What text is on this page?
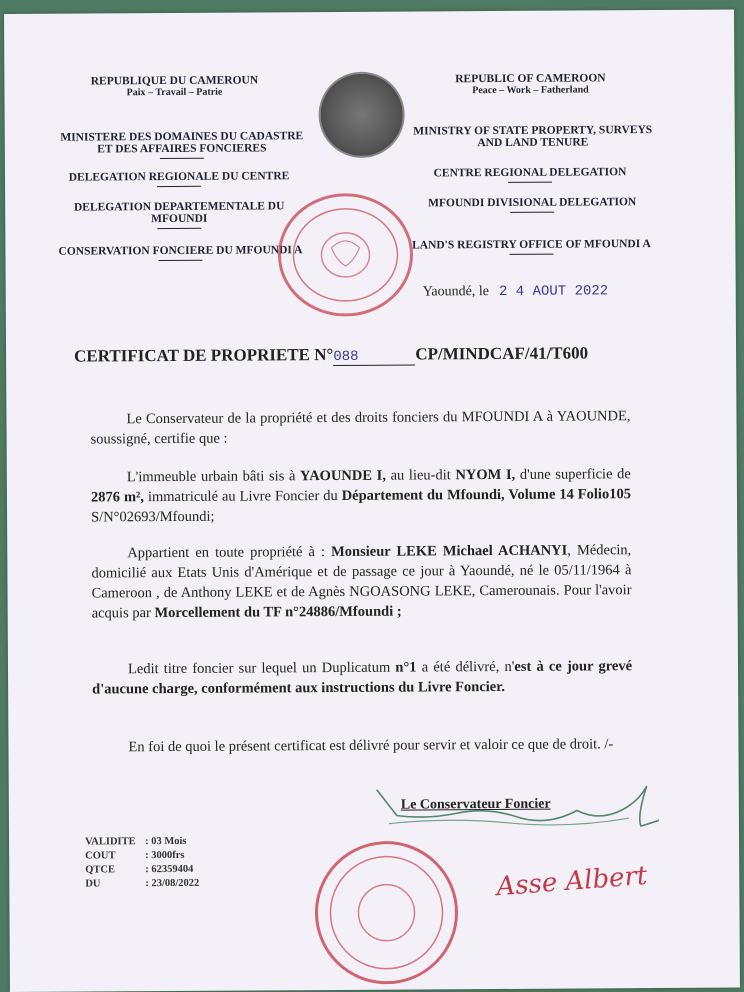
REPUBLIQUE DU CAMEROUN
Paix – Travail – Patrie
MINISTERE DES DOMAINES DU CADASTRE
ET DES AFFAIRES FONCIERES
DELEGATION REGIONALE DU CENTRE
DELEGATION DEPARTEMENTALE DU
MFOUNDI
CONSERVATION FONCIERE DU MFOUNDI A
REPUBLIC OF CAMEROON
Peace – Work – Fatherland
MINISTRY OF STATE PROPERTY, SURVEYS
AND LAND TENURE
CENTRE REGIONAL DELEGATION
MFOUNDI DIVISIONAL DELEGATION
LAND'S REGISTRY OFFICE OF MFOUNDI A
Yaoundé, le 2 4 AOUT 2022
CERTIFICAT DE PROPRIETE N°088	CP/MINDCAF/41/T600
Le Conservateur de la propriété et des droits fonciers du MFOUNDI A à YAOUNDE, soussigné, certifie que :
L'immeuble urbain bâti sis à YAOUNDE I, au lieu-dit NYOM I, d'une superficie de 2876 m², immatriculé au Livre Foncier du Département du Mfoundi, Volume 14 Folio105 S/N°02693/Mfoundi;
Appartient en toute propriété à : Monsieur LEKE Michael ACHANYI, Médecin, domicilié aux Etats Unis d'Amérique et de passage ce jour à Yaoundé, né le 05/11/1964 à Cameroon , de Anthony LEKE et de Agnès NGOASONG LEKE, Camerounais. Pour l'avoir acquis par Morcellement du TF n°24886/Mfoundi ;
Ledit titre foncier sur lequel un Duplicatum n°1 a été délivré, n'est à ce jour grevé d'aucune charge, conformément aux instructions du Livre Foncier.
En foi de quoi le présent certificat est délivré pour servir et valoir ce que de droit. /-
Le Conservateur Foncier
Asse Albert
VALIDITE : 03 Mois
COUT	: 3000frs
QTCE	: 62359404
DU	: 23/08/2022
